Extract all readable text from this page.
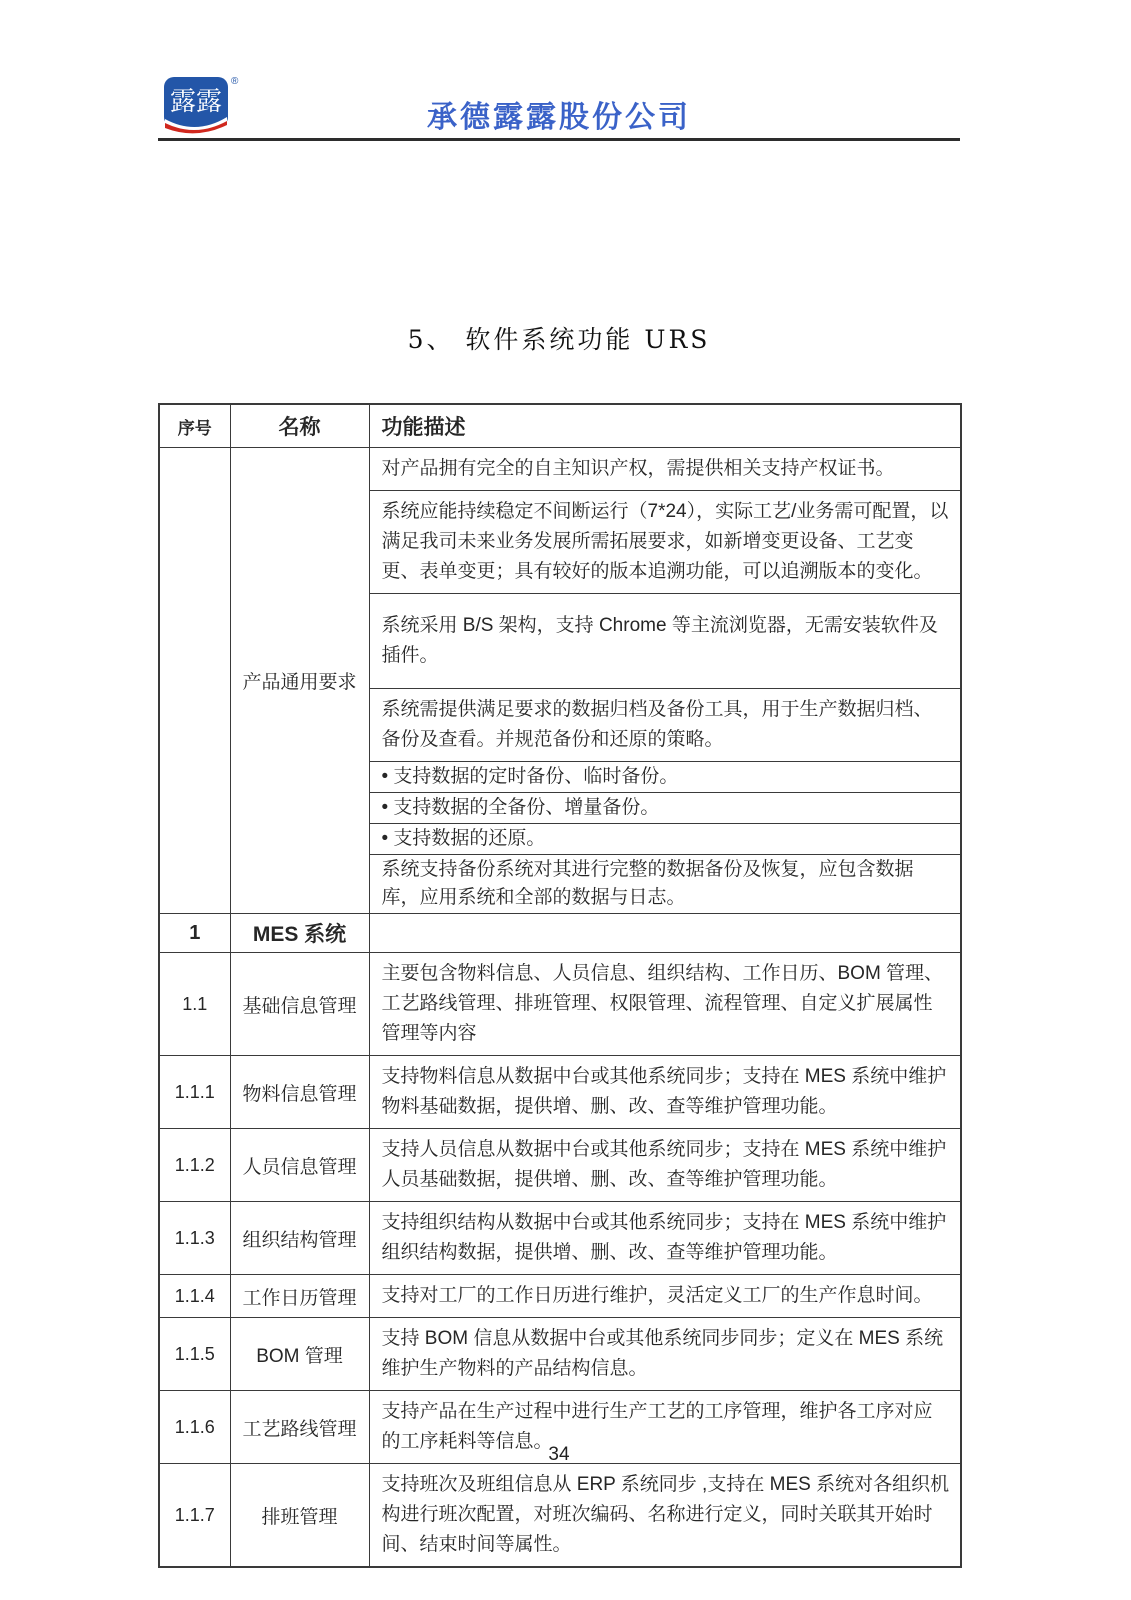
露露
®
承德露露股份公司
5、 软件系统功能 URS
序号	名称	功能描述
	产品通用要求	对产品拥有完全的自主知识产权，需提供相关支持产权证书。
		系统应能持续稳定不间断运行（7*24），实际工艺/业务需可配置，以满足我司未来业务发展所需拓展要求，如新增变更设备、工艺变更、表单变更；具有较好的版本追溯功能，可以追溯版本的变化。
		系统采用 B/S 架构，支持 Chrome 等主流浏览器，无需安装软件及插件。
		系统需提供满足要求的数据归档及备份工具，用于生产数据归档、备份及查看。并规范备份和还原的策略。
		• 支持数据的定时备份、临时备份。
		• 支持数据的全备份、增量备份。
		• 支持数据的还原。
		系统支持备份系统对其进行完整的数据备份及恢复，应包含数据库，应用系统和全部的数据与日志。
1	MES 系统	
1.1	基础信息管理	主要包含物料信息、人员信息、组织结构、工作日历、BOM 管理、工艺路线管理、排班管理、权限管理、流程管理、自定义扩展属性管理等内容
1.1.1	物料信息管理	支持物料信息从数据中台或其他系统同步；支持在 MES 系统中维护物料基础数据，提供增、删、改、查等维护管理功能。
1.1.2	人员信息管理	支持人员信息从数据中台或其他系统同步；支持在 MES 系统中维护人员基础数据，提供增、删、改、查等维护管理功能。
1.1.3	组织结构管理	支持组织结构从数据中台或其他系统同步；支持在 MES 系统中维护组织结构数据，提供增、删、改、查等维护管理功能。
1.1.4	工作日历管理	支持对工厂的工作日历进行维护，灵活定义工厂的生产作息时间。
1.1.5	BOM 管理	支持 BOM 信息从数据中台或其他系统同步同步；定义在 MES 系统维护生产物料的产品结构信息。
1.1.6	工艺路线管理	支持产品在生产过程中进行生产工艺的工序管理，维护各工序对应的工序耗料等信息。
1.1.7	排班管理	支持班次及班组信息从 ERP 系统同步 ,支持在 MES 系统对各组织机构进行班次配置，对班次编码、名称进行定义，同时关联其开始时间、结束时间等属性。
34
